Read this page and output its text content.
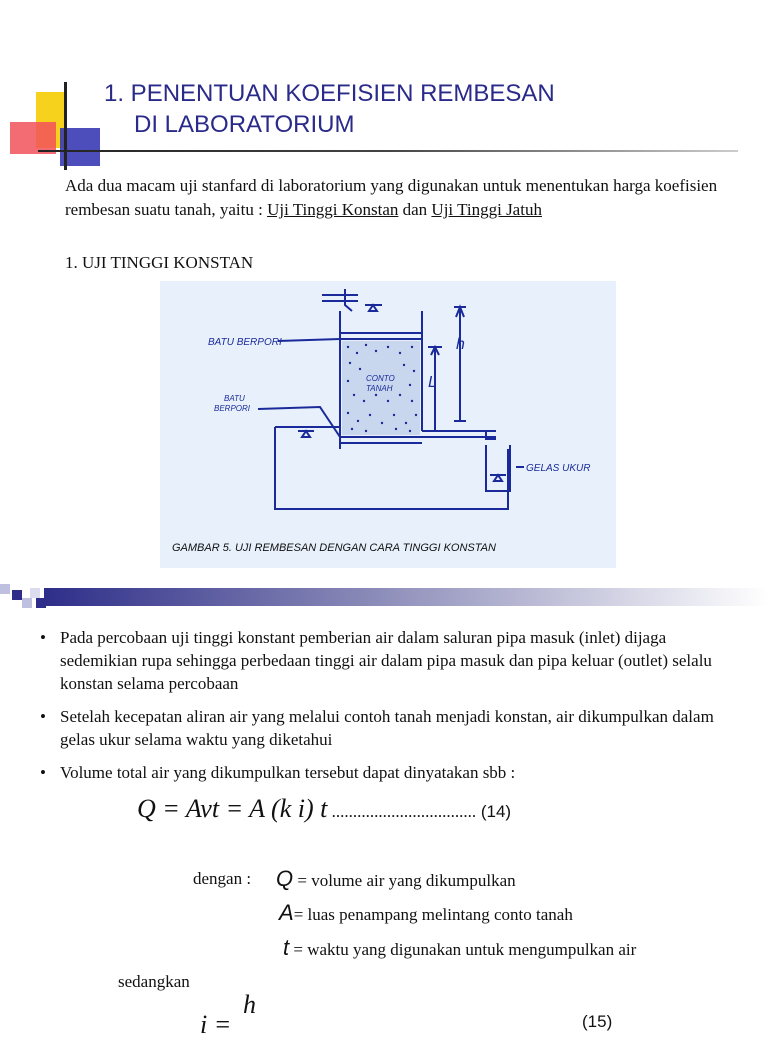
1. PENENTUAN KOEFISIEN REMBESAN
DI LABORATORIUM
Ada dua macam uji stanfard di laboratorium yang digunakan untuk menentukan harga koefisien rembesan suatu tanah, yaitu : Uji Tinggi Konstan dan Uji Tinggi Jatuh
1. UJI TINGGI KONSTAN
BATU BERPORI
BATU
BERPORI
CONTO
TANAH
h
L
GELAS UKUR
GAMBAR 5. UJI REMBESAN DENGAN CARA TINGGI KONSTAN
• Pada percobaan uji tinggi konstant pemberian air dalam saluran pipa masuk (inlet) dijaga sedemikian rupa sehingga perbedaan tinggi air dalam pipa masuk dan pipa keluar (outlet) selalu konstan selama percobaan
• Setelah kecepatan aliran air yang melalui contoh tanah menjadi konstan, air dikumpulkan dalam gelas ukur selama waktu yang diketahui
• Volume total air yang dikumpulkan tersebut dapat dinyatakan sbb :
Q = Avt = A (k i) t .................................. (14)
dengan : Q = volume air yang dikumpulkan
A= luas penampang melintang conto tanah
t = waktu yang digunakan untuk mengumpulkan air
sedangkan
h
i =	(15)
